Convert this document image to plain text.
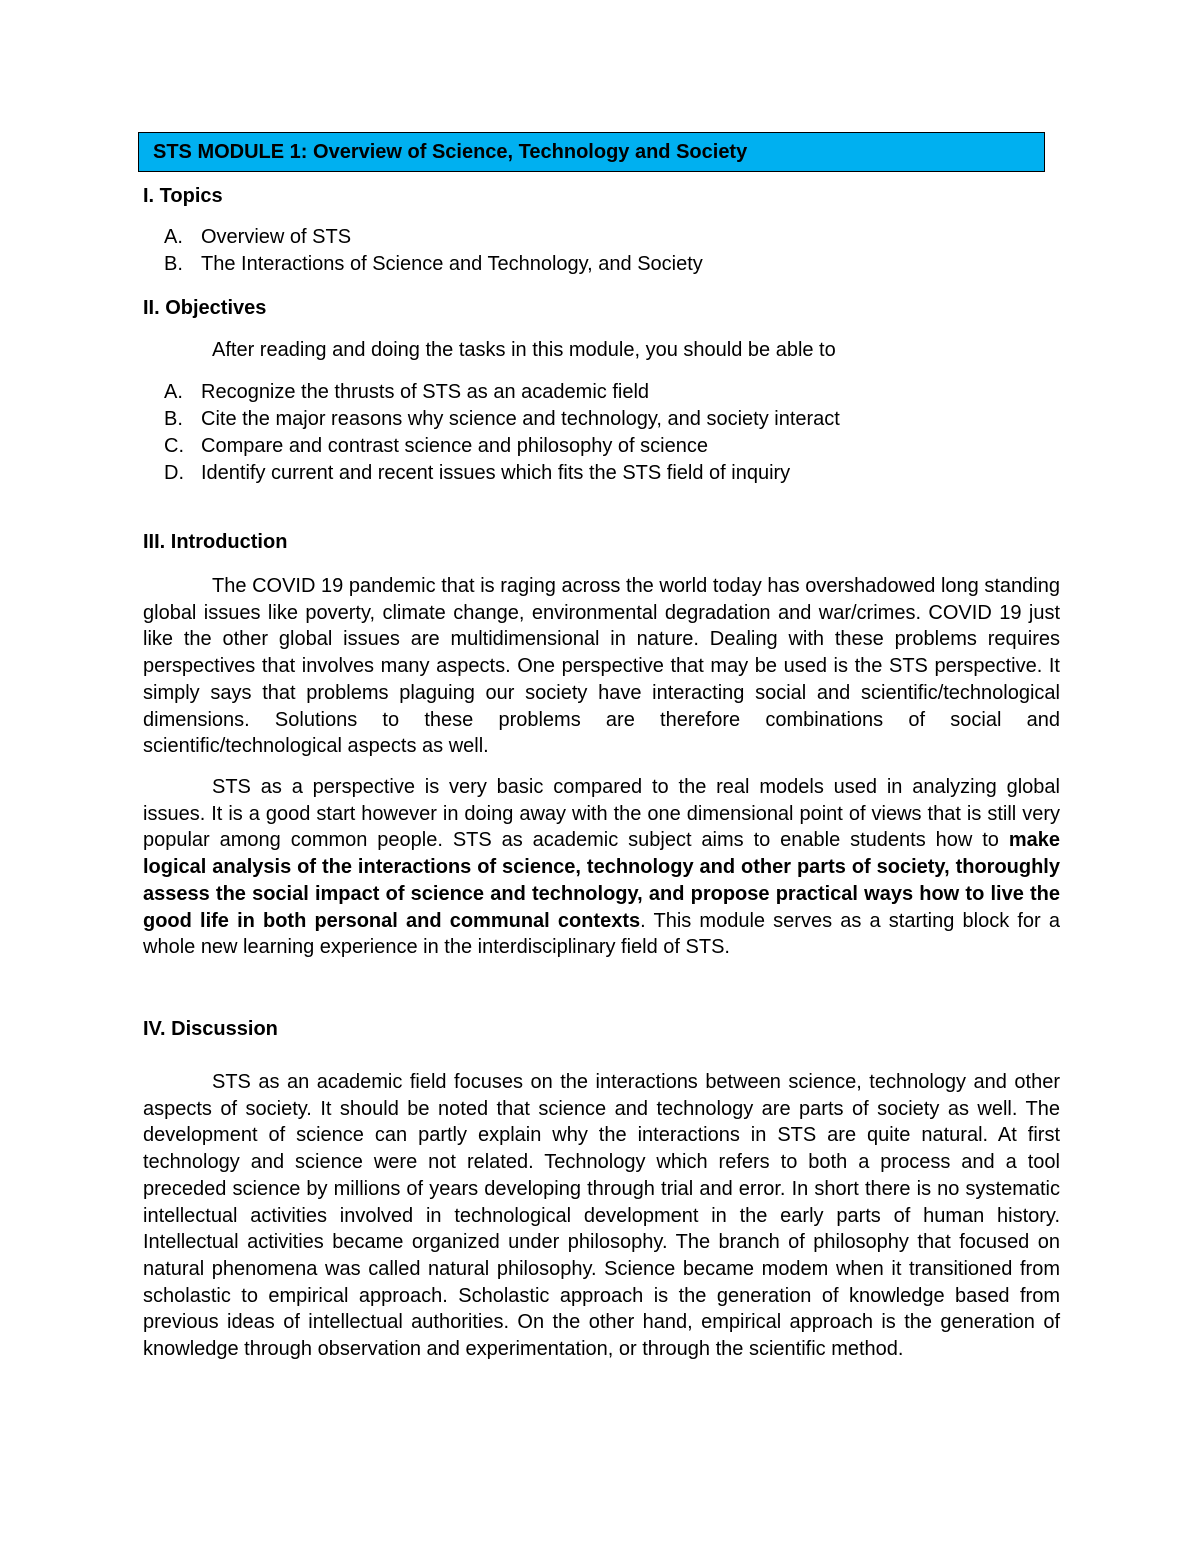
STS MODULE 1: Overview of Science, Technology and Society
I. Topics
A. Overview of STS
B. The Interactions of Science and Technology, and Society
II. Objectives
After reading and doing the tasks in this module, you should be able to
A. Recognize the thrusts of STS as an academic field
B. Cite the major reasons why science and technology, and society interact
C. Compare and contrast science and philosophy of science
D. Identify current and recent issues which fits the STS field of inquiry
III. Introduction

The COVID 19 pandemic that is raging across the world today has overshadowed long standing global issues like poverty, climate change, environmental degradation and war/crimes. COVID 19 just like the other global issues are multidimensional in nature. Dealing with these problems requires perspectives that involves many aspects. One perspective that may be used is the STS perspective. It simply says that problems plaguing our society have interacting social and scientific/technological dimensions. Solutions to these problems are therefore combinations of social and scientific/technological aspects as well.

STS as a perspective is very basic compared to the real models used in analyzing global issues. It is a good start however in doing away with the one dimensional point of views that is still very popular among common people. STS as academic subject aims to enable students how to make logical analysis of the interactions of science, technology and other parts of society, thoroughly assess the social impact of science and technology, and propose practical ways how to live the good life in both personal and communal contexts. This module serves as a starting block for a whole new learning experience in the interdisciplinary field of STS.

IV. Discussion

STS as an academic field focuses on the interactions between science, technology and other aspects of society. It should be noted that science and technology are parts of society as well. The development of science can partly explain why the interactions in STS are quite natural. At first technology and science were not related. Technology which refers to both a process and a tool preceded science by millions of years developing through trial and error. In short there is no systematic intellectual activities involved in technological development in the early parts of human history. Intellectual activities became organized under philosophy. The branch of philosophy that focused on natural phenomena was called natural philosophy. Science became modem when it transitioned from scholastic to empirical approach. Scholastic approach is the generation of knowledge based from previous ideas of intellectual authorities. On the other hand, empirical approach is the generation of knowledge through observation and experimentation, or through the scientific method.
